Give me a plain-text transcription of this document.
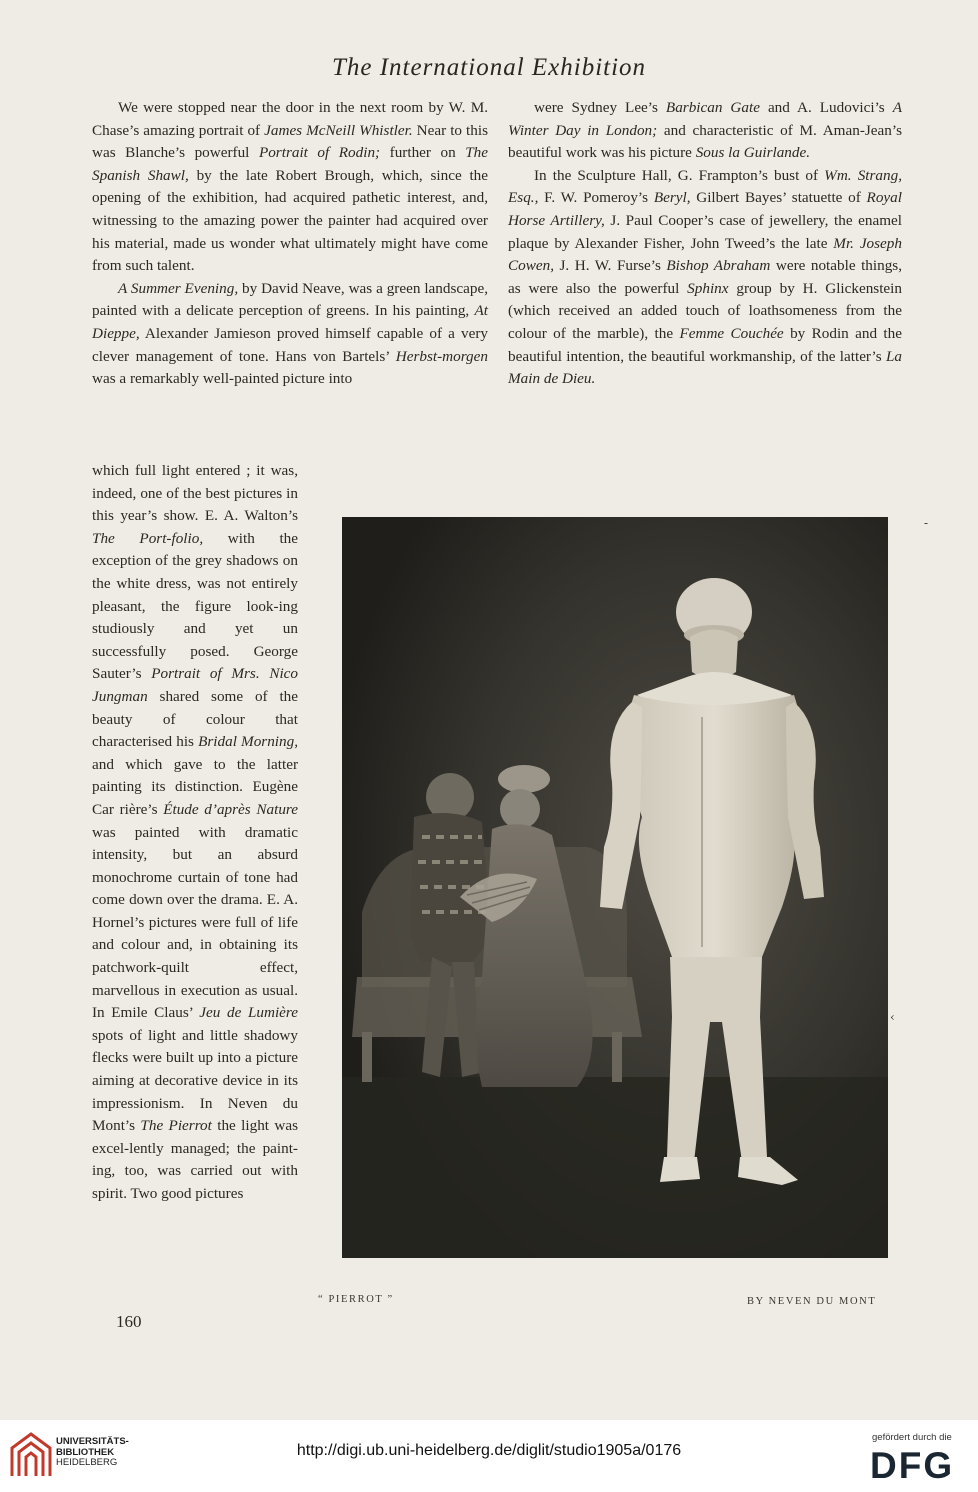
The International Exhibition

We were stopped near the door in the next room by W. M. Chase’s amazing portrait of James McNeill Whistler. Near to this was Blanche’s powerful Portrait of Rodin; further on The Spanish Shawl, by the late Robert Brough, which, since the opening of the exhibition, had acquired pathetic interest, and, witnessing to the amazing power the painter had acquired over his material, made us wonder what ultimately might have come from such talent.

A Summer Evening, by David Neave, was a green landscape, painted with a delicate perception of greens. In his painting, At Dieppe, Alexander Jamieson proved himself capable of a very clever management of tone. Hans von Bartels’ Herbst-morgen was a remarkably well-painted picture into

which full light entered ; it was, indeed, one of the best pictures in this year’s show. E. A. Walton’s The Port-folio, with the exception of the grey shadows on the white dress, was not entirely pleasant, the figure look-ing studiously and yet un successfully posed. George Sauter’s Portrait of Mrs. Nico Jungman shared some of the beauty of colour that characterised his Bridal Morning, and which gave to the latter painting its distinction. Eugène Car rière’s Étude d’après Nature was painted with dramatic intensity, but an absurd monochrome curtain of tone had come down over the drama. E. A. Hornel’s pictures were full of life and colour and, in obtaining its patchwork-quilt effect, marvellous in execution as usual. In Emile Claus’ Jeu de Lumière spots of light and little shadowy flecks were built up into a picture aiming at decorative device in its impressionism. In Neven du Mont’s The Pierrot the light was excel-lently managed; the paint-ing, too, was carried out with spirit. Two good pictures

were Sydney Lee’s Barbican Gate and A. Ludovici’s A Winter Day in London; and characteristic of M. Aman-Jean’s beautiful work was his picture Sous la Guirlande.

In the Sculpture Hall, G. Frampton’s bust of Wm. Strang, Esq., F. W. Pomeroy’s Beryl, Gilbert Bayes’ statuette of Royal Horse Artillery, J. Paul Cooper’s case of jewellery, the enamel plaque by Alexander Fisher, John Tweed’s the late Mr. Joseph Cowen, J. H. W. Furse’s Bishop Abraham were notable things, as were also the powerful Sphinx group by H. Glickenstein (which received an added touch of loathsomeness from the colour of the marble), the Femme Couchée by Rodin and the beautiful intention, the beautiful workmanship, of the latter’s La Main de Dieu.

“ PIERROT ”	BY NEVEN DU MONT
160
-
‹
UNIVERSITÄTS-
BIBLIOTHEK
HEIDELBERG
http://digi.ub.uni-heidelberg.de/diglit/studio1905a/0176
gefördert durch die
DFG
